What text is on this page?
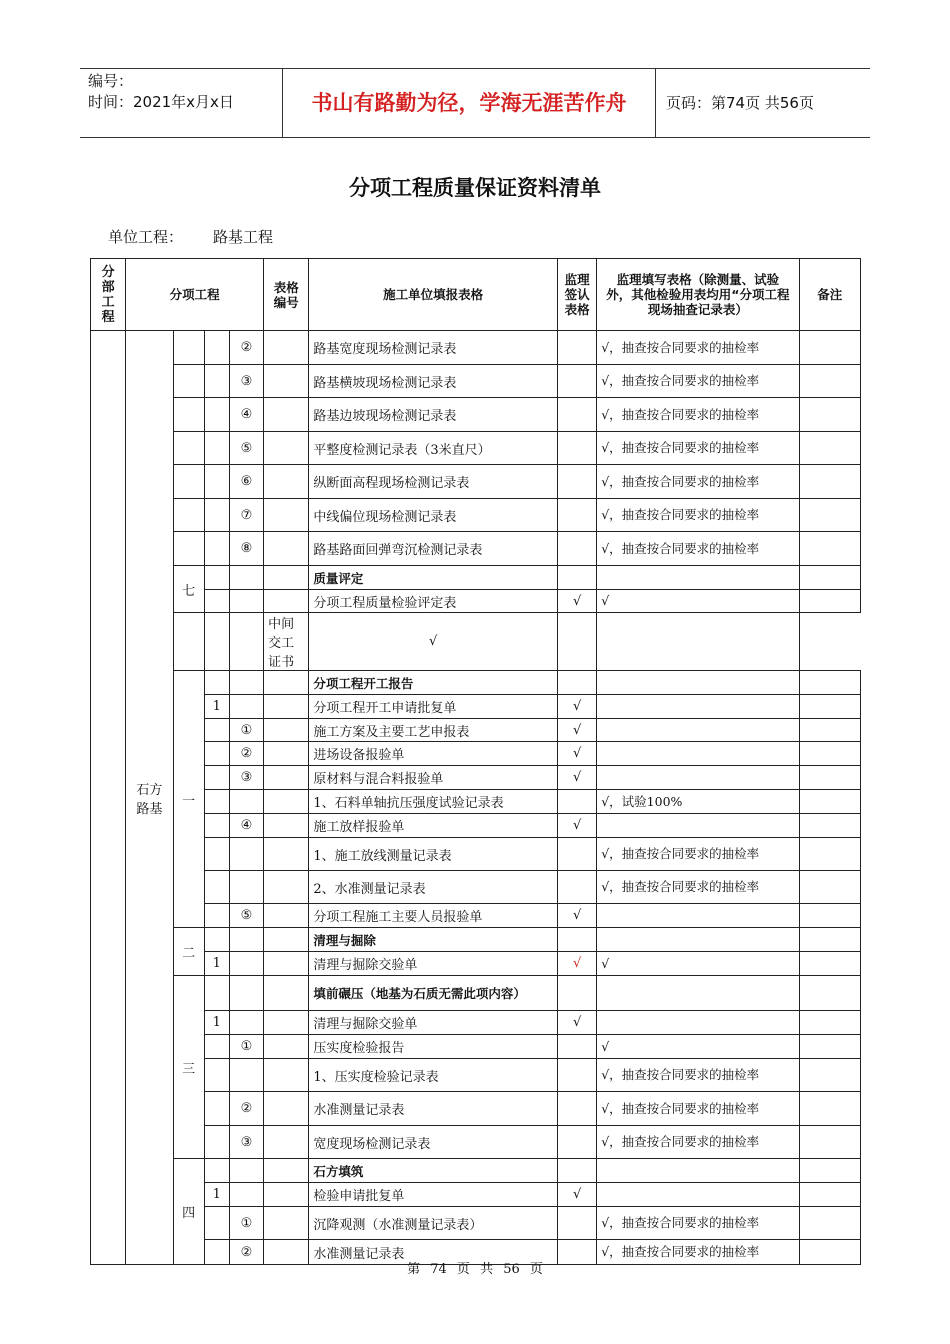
编号：
时间：2021年x月x日	书山有路勤为径，学海无涯苦作舟	页码：第74页 共56页
分项工程质量保证资料清单
单位工程： 路基工程
分部工程	分项工程				表格编号	施工单位填报表格	监理签认表格	监理填写表格（除测量、试验外，其他检验用表均用“分项工程现场抽查记录表）	备注
	石方路基			②		路基宽度现场检测记录表		√，抽查按合同要求的抽检率	
				③		路基横坡现场检测记录表		√，抽查按合同要求的抽检率	
				④		路基边坡现场检测记录表		√，抽查按合同要求的抽检率	
				⑤		平整度检测记录表（3米直尺）		√，抽查按合同要求的抽检率	
				⑥		纵断面高程现场检测记录表		√，抽查按合同要求的抽检率	
				⑦		中线偏位现场检测记录表		√，抽查按合同要求的抽检率	
				⑧		路基路面回弹弯沉检测记录表		√，抽查按合同要求的抽检率	
		七				质量评定			
						分项工程质量检验评定表	√	√	
					中间交工证书	√			
		一				分项工程开工报告			
			1			分项工程开工申请批复单	√		
				①		施工方案及主要工艺申报表	√		
				②		进场设备报验单	√		
				③		原材料与混合料报验单	√		
						1、石料单轴抗压强度试验记录表		√，试验100%	
				④		施工放样报验单	√		
						1、施工放线测量记录表		√，抽查按合同要求的抽检率	
						2、水准测量记录表		√，抽查按合同要求的抽检率	
				⑤		分项工程施工主要人员报验单	√		
		二				清理与掘除			
			1			清理与掘除交验单	√	√	
		三				填前碾压（地基为石质无需此项内容）			
			1			清理与掘除交验单	√		
				①		压实度检验报告		√	
						1、压实度检验记录表		√，抽查按合同要求的抽检率	
				②		水准测量记录表		√，抽查按合同要求的抽检率	
				③		宽度现场检测记录表		√，抽查按合同要求的抽检率	
		四				石方填筑			
			1			检验申请批复单	√		
				①		沉降观测（水准测量记录表）		√，抽查按合同要求的抽检率	
				②		水准测量记录表		√，抽查按合同要求的抽检率	
第 74 页 共 56 页
